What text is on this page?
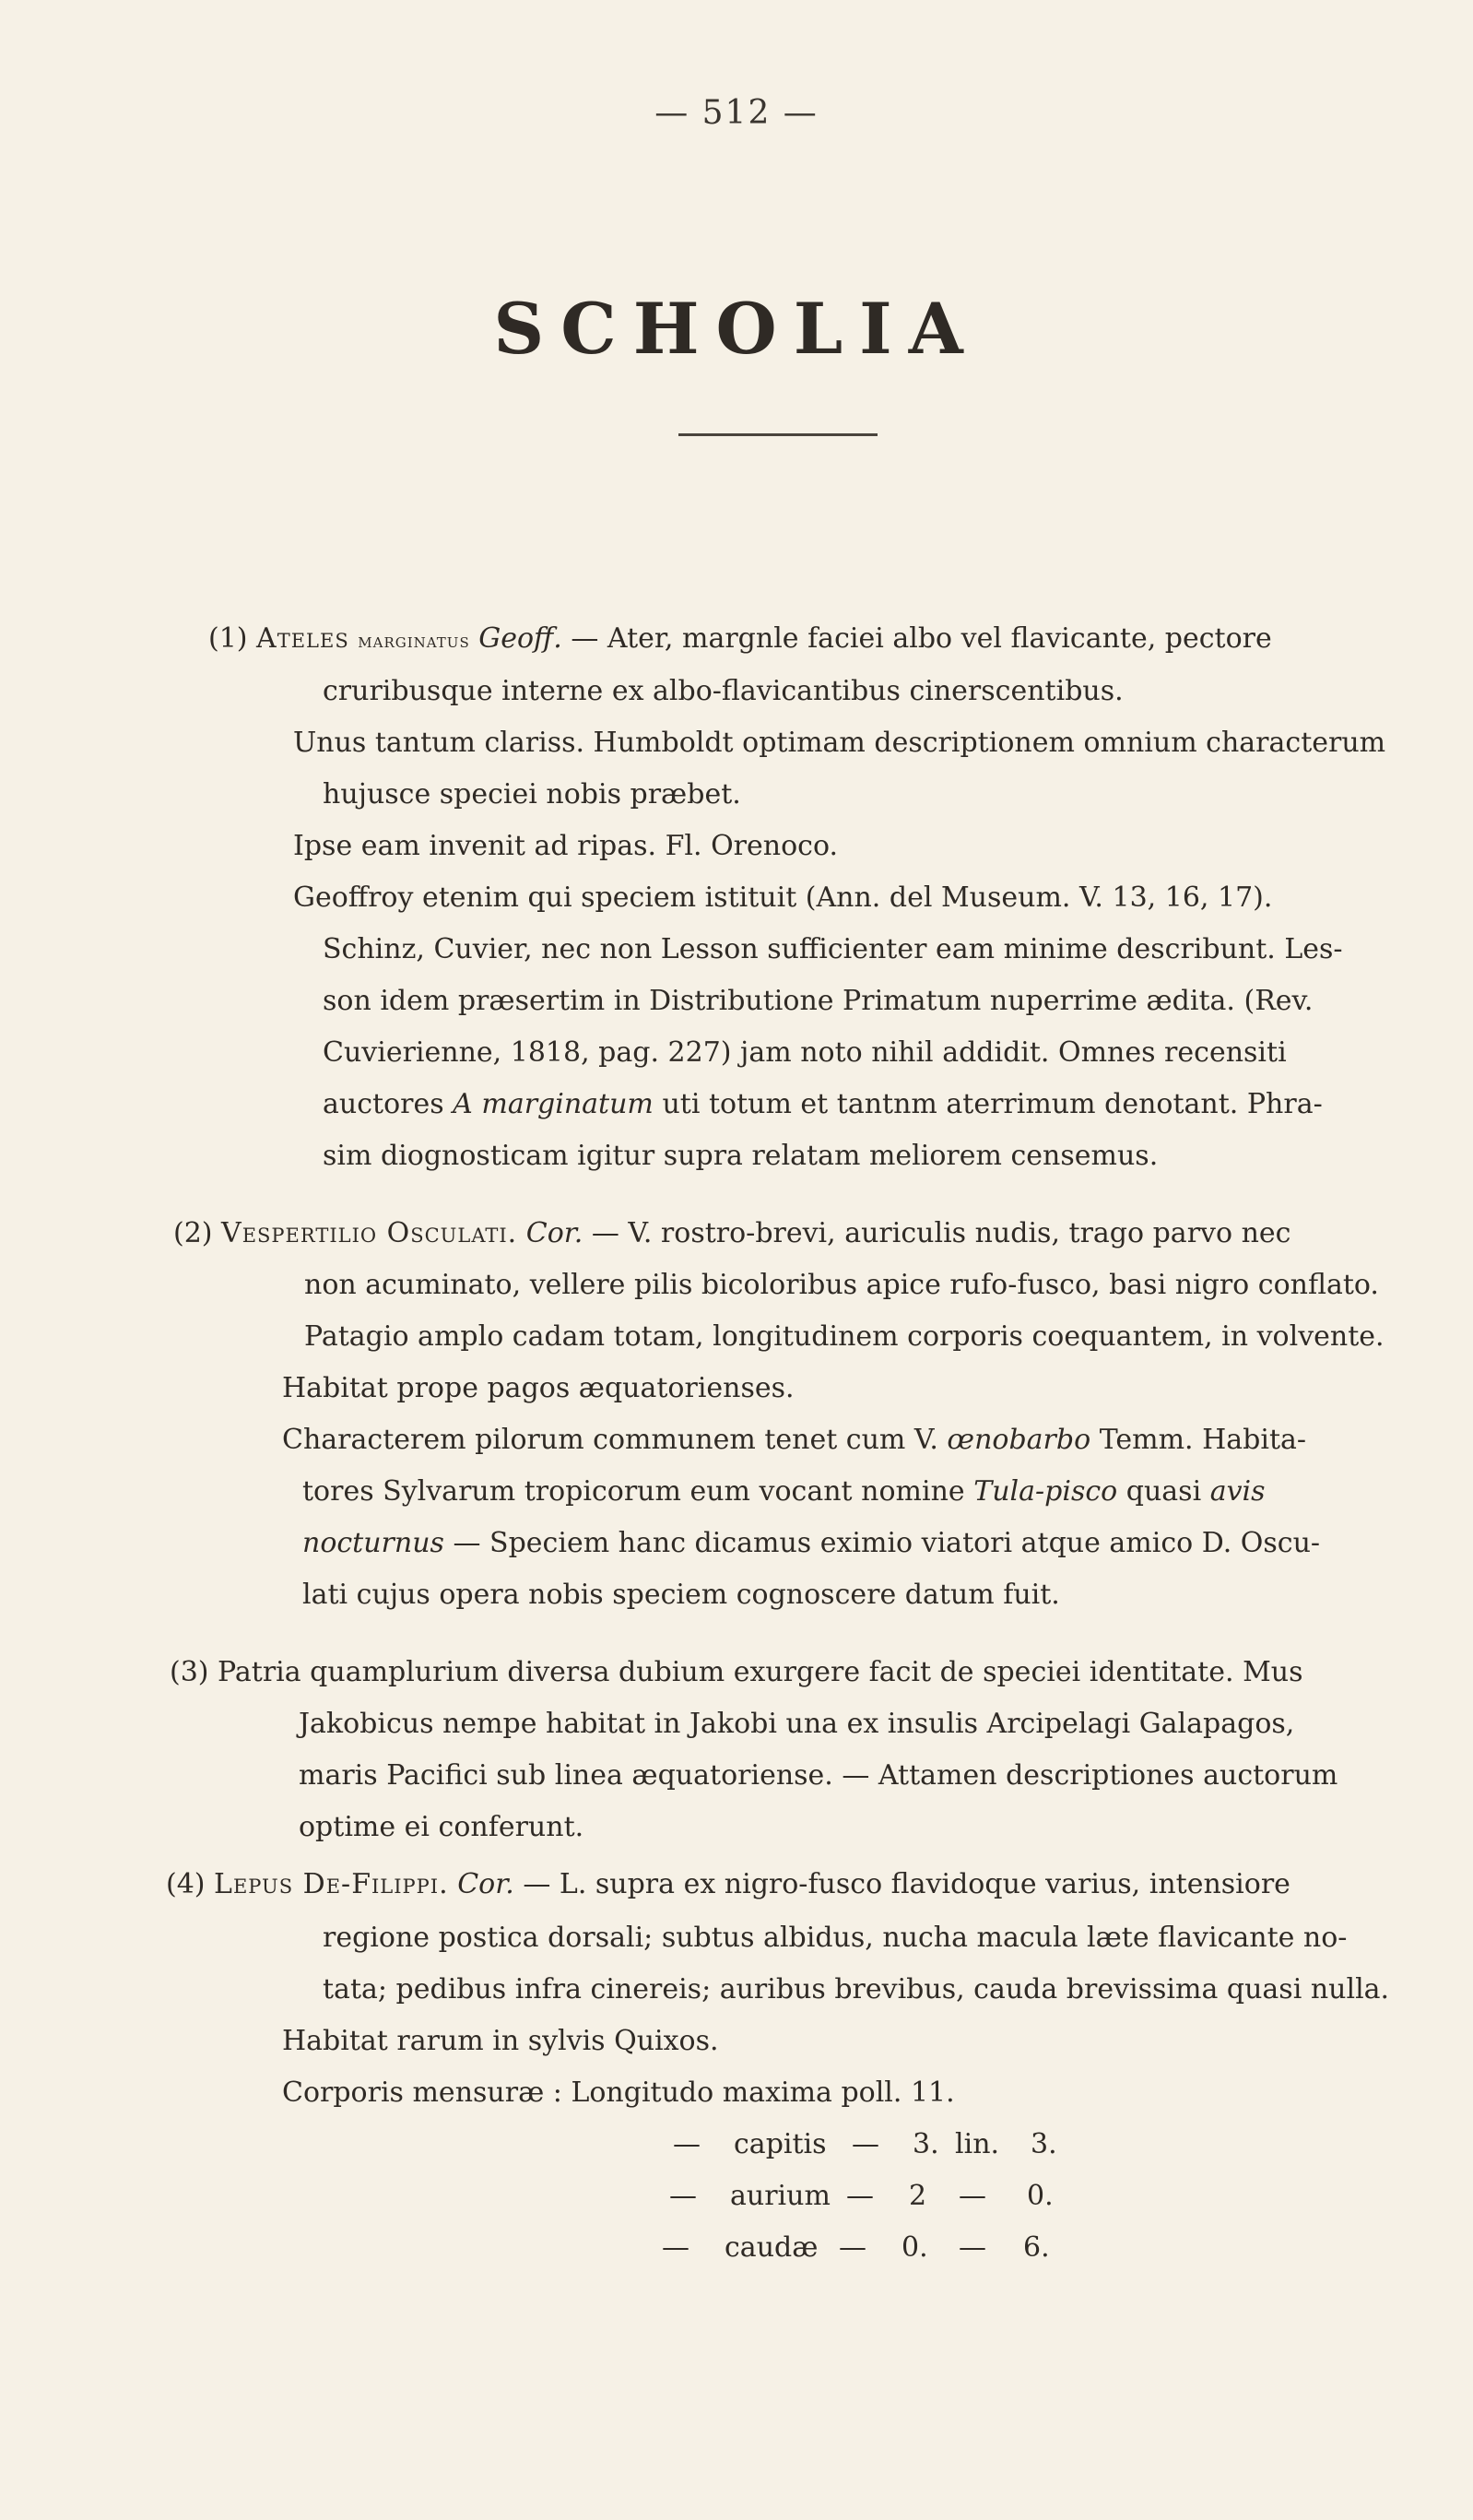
— 512 —
SCHOLIA
(1) Ateles marginatus Geoff. — Ater, margnle faciei albo vel flavicante, pectore
cruribusque interne ex albo-flavicantibus cinerscentibus.
Unus tantum clariss. Humboldt optimam descriptionem omnium characterum
hujusce speciei nobis præbet.
Ipse eam invenit ad ripas. Fl. Orenoco.
Geoffroy etenim qui speciem istituit (Ann. del Museum. V. 13, 16, 17).
Schinz, Cuvier, nec non Lesson sufficienter eam minime describunt. Les-
son idem præsertim in Distributione Primatum nuperrime ædita. (Rev.
Cuvierienne, 1818, pag. 227) jam noto nihil addidit. Omnes recensiti
auctores A marginatum uti totum et tantnm aterrimum denotant. Phra-
sim diognosticam igitur supra relatam meliorem censemus.
(2) Vespertilio Osculati. Cor. — V. rostro-brevi, auriculis nudis, trago parvo nec
non acuminato, vellere pilis bicoloribus apice rufo-fusco, basi nigro conflato.
Patagio amplo cadam totam, longitudinem corporis coequantem, in volvente.
Habitat prope pagos æquatorienses.
Characterem pilorum communem tenet cum V. œnobarbo Temm. Habita-
tores Sylvarum tropicorum eum vocant nomine Tula-pisco quasi avis
nocturnus — Speciem hanc dicamus eximio viatori atque amico D. Oscu-
lati cujus opera nobis speciem cognoscere datum fuit.
(3) Patria quamplurium diversa dubium exurgere facit de speciei identitate. Mus
Jakobicus nempe habitat in Jakobi una ex insulis Arcipelagi Galapagos,
maris Pacifici sub linea æquatoriense. — Attamen descriptiones auctorum
optime ei conferunt.
(4) Lepus De-Filippi. Cor. — L. supra ex nigro-fusco flavidoque varius, intensiore
regione postica dorsali; subtus albidus, nucha macula læte flavicante no-
tata; pedibus infra cinereis; auribus brevibus, cauda brevissima quasi nulla.
Habitat rarum in sylvis Quixos.
Corporis mensuræ : Longitudo maxima poll. 11.
— capitis — 3. lin. 3.
— aurium — 2 — 0.
— caudæ — 0. — 6.
